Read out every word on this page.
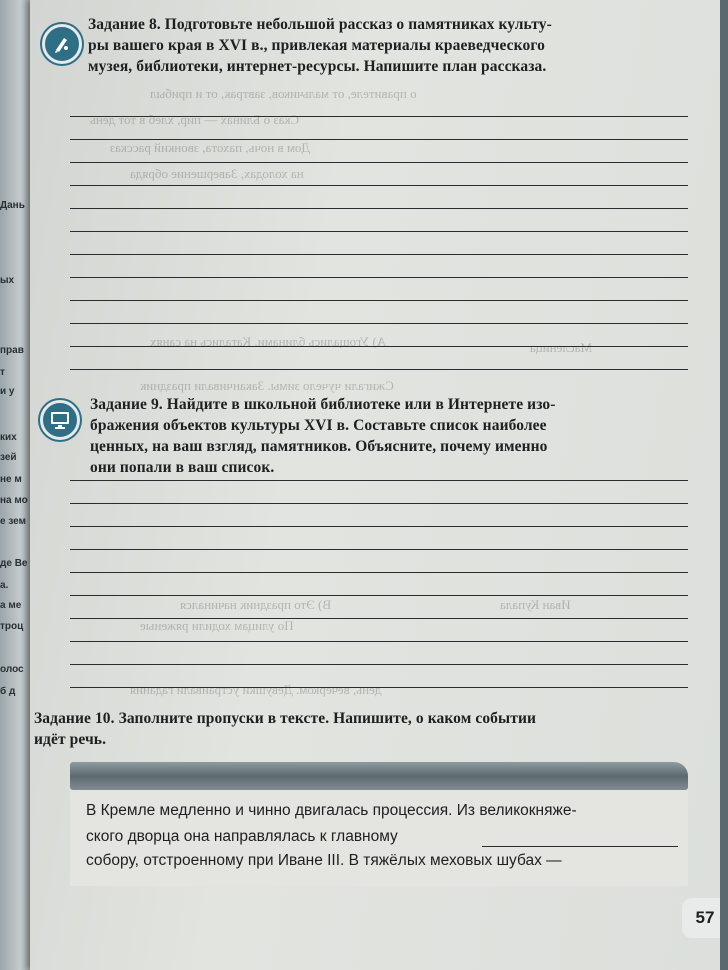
Дань
ых
прав
т
и у
ких
зей
не м
на мо
е зем
де Ве
а.
а ме
троц
олос
б д
о правителе, от мальчиков, завтрак, от и прибыл
Сказ о Блинах — пир, хлеб в тот день
Дом в ночь, пахота, звонкий рассказ
на холодах, Завершение обряда
Масленица
А) Угощались блинами. Катались на санях
Сжигали чучело зимы. Заканчивали праздник
Иван Купала
В) Это праздник начинался
По улицам ходили ряженые
день, вечерком. Девушки устраивали гадания
Задание 8. Подготовьте небольшой рассказ о памятниках культу-
ры вашего края в XVI в., привлекая материалы краеведческого
музея, библиотеки, интернет-ресурсы. Напишите план рассказа.
Задание 9. Найдите в школьной библиотеке или в Интернете изо-
бражения объектов культуры XVI в. Составьте список наиболее
ценных, на ваш взгляд, памятников. Объясните, почему именно
они попали в ваш список.
Задание 10. Заполните пропуски в тексте. Напишите, о каком событии
идёт речь.
В Кремле медленно и чинно двигалась процессия. Из великокняже-
ского дворца она направлялась к главному
собору, отстроенному при Иване III. В тяжёлых меховых шубах —
57
